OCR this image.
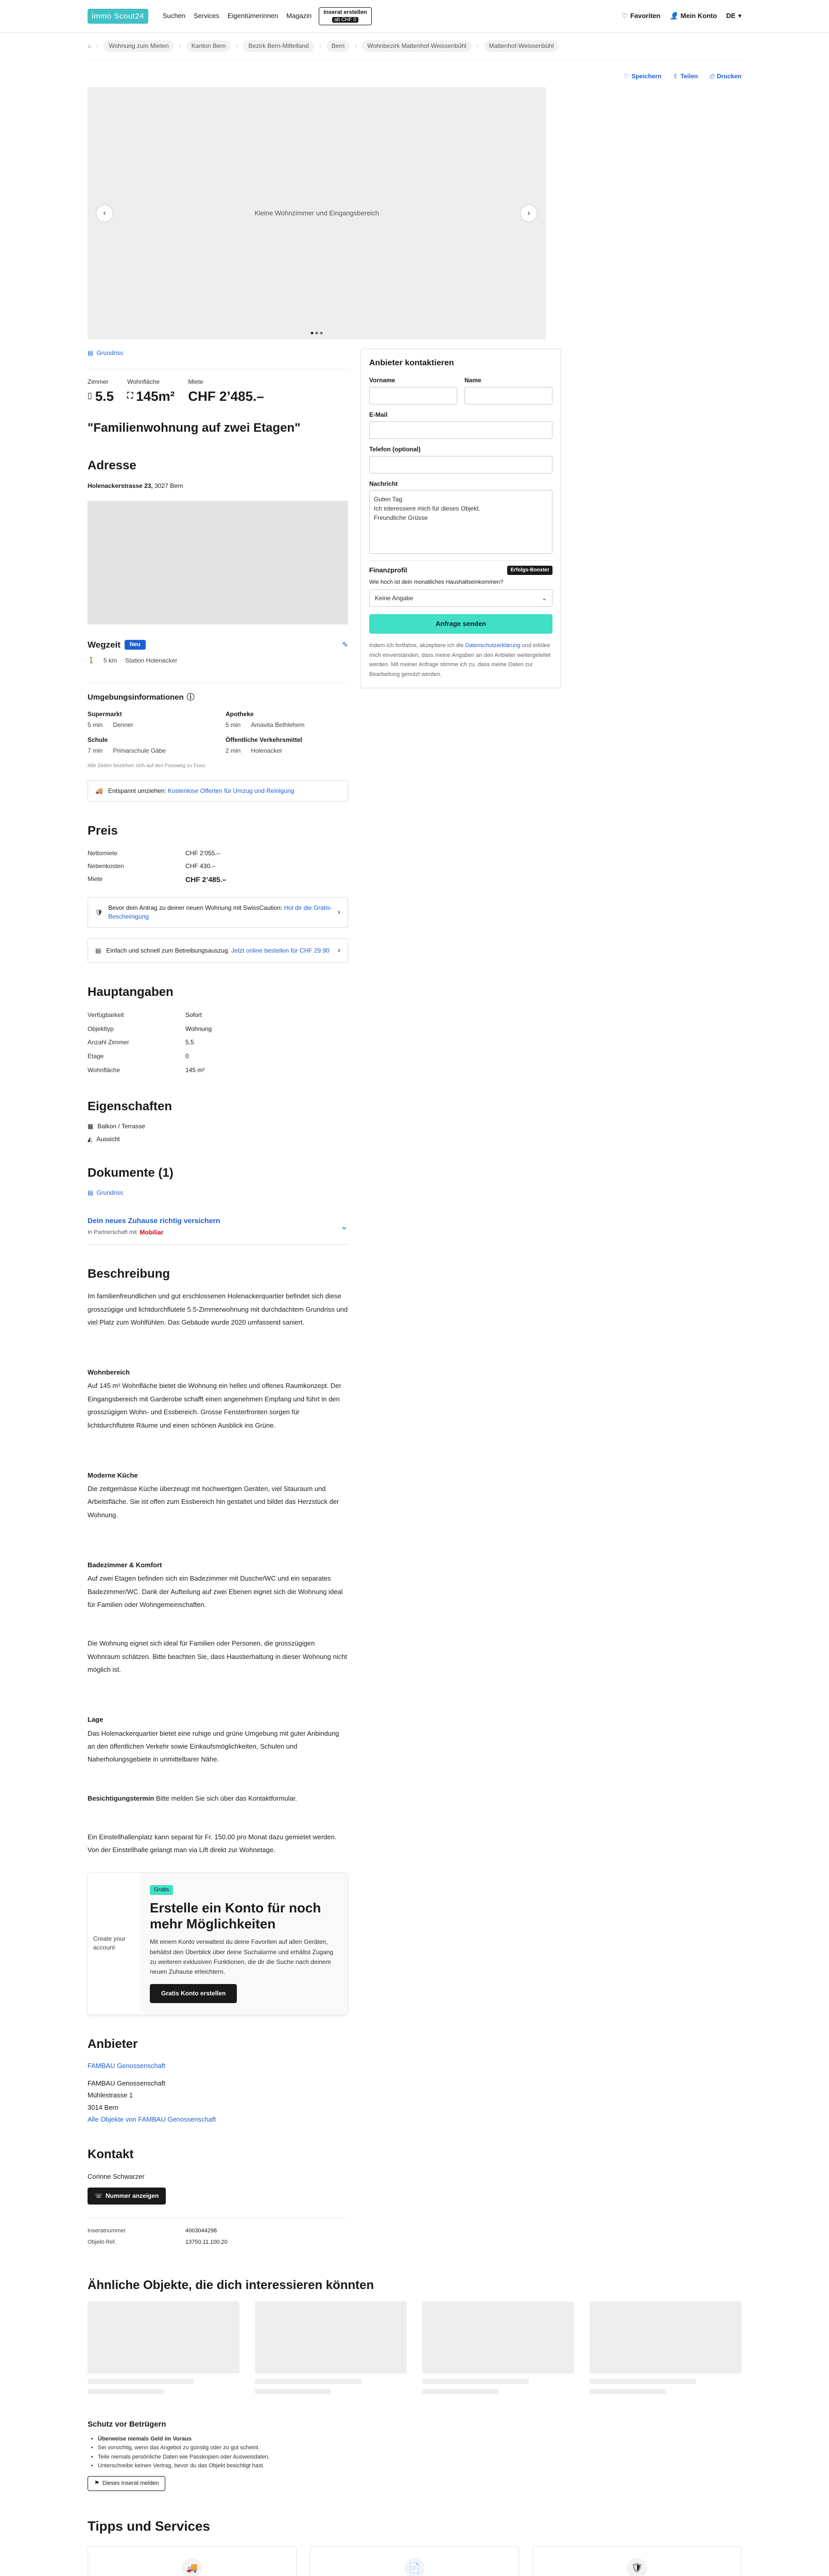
immo Scout24	Suchen Services Eigentümerinnen Magazin Inserat erstellen
ab CHF 0	♡ Favoriten 👤 Mein Konto DE ▾
⌂ ›	Wohnung zum Mieten	›	Kanton Bern	›	Bezirk Bern-Mittelland	›	Bern	›	Wohnbezirk Mattenhof-Weissenbühl	›	Mattenhof-Weissenbühl
♡ Speichern ⇪ Teilen ⎙ Drucken
Kleine Wohnzimmer und Eingangsbereich
‹	›
▤ Grundriss
Zimmer
▯ 5.5
Wohnfläche
⛶ 145m²
Miete
CHF 2’485.–
"Familienwohnung auf zwei Etagen"
Adresse
Holenackerstrasse 23, 3027 Bern
Wegzeit	Neu	✎
🚶 5 km Station Holenacker
Umgebungsinformationen ⓘ
Supermarkt
5 min Denner
Apotheke
5 min Amavita Bethlehem
Schule
7 min Primarschule Gäbe
Öffentliche Verkehrsmittel
2 min Holenacker
Alle Zeiten beziehen sich auf den Fussweg zu Fuss.
🚚 Entspannt umziehen: Kostenlose Offerten für Umzug und Reinigung
Preis
Nettomiete	CHF 2’055.–
Nebenkosten	CHF 430.–
Miete	CHF 2’485.–
🛡
Bevor dein Antrag zu deiner neuen Wohnung mit SwissCaution: Hol dir die Gratis-Bescheinigung
›
▤ Einfach und schnell zum Betreibungsauszug. Jetzt online bestellen für CHF 29.90 ›
Hauptangaben
Verfügbarkeit	Sofort
Objekttyp	Wohnung
Anzahl Zimmer	5.5
Etage	0
Wohnfläche	145 m²
Eigenschaften
▦ Balkon / Terrasse
◭ Aussicht
Dokumente (1)
▤ Grundriss
Dein neues Zuhause richtig versichern
In Partnerschaft mit Mobiliar
⌄
Beschreibung

Im familienfreundlichen und gut erschlossenen Holenackerquartier befindet sich diese grosszügige und lichtdurchflutete 5.5-Zimmerwohnung mit durchdachtem Grundriss und viel Platz zum Wohlfühlen. Das Gebäude wurde 2020 umfassend saniert.

Wohnbereich

Auf 145 m² Wohnfläche bietet die Wohnung ein helles und offenes Raumkonzept. Der Eingangsbereich mit Garderobe schafft einen angenehmen Empfang und führt in den grosszügigen Wohn- und Essbereich. Grosse Fensterfronten sorgen für lichtdurchflutete Räume und einen schönen Ausblick ins Grüne.

Moderne Küche

Die zeitgemässe Küche überzeugt mit hochwertigen Geräten, viel Stauraum und Arbeitsfläche. Sie ist offen zum Essbereich hin gestaltet und bildet das Herzstück der Wohnung.

Badezimmer & Komfort

Auf zwei Etagen befinden sich ein Badezimmer mit Dusche/WC und ein separates Badezimmer/WC. Dank der Aufteilung auf zwei Ebenen eignet sich die Wohnung ideal für Familien oder Wohngemeinschaften.

Die Wohnung eignet sich ideal für Familien oder Personen, die grosszügigen Wohnraum schätzen. Bitte beachten Sie, dass Haustierhaltung in dieser Wohnung nicht möglich ist.

Lage

Das Holenackerquartier bietet eine ruhige und grüne Umgebung mit guter Anbindung an den öffentlichen Verkehr sowie Einkaufsmöglichkeiten, Schulen und Naherholungsgebiete in unmittelbarer Nähe.

Besichtigungstermin Bitte melden Sie sich über das Kontaktformular.

Ein Einstellhallenplatz kann separat für Fr. 150.00 pro Monat dazu gemietet werden. Von der Einstellhalle gelangt man via Lift direkt zur Wohnetage.

Create your account
Gratis
Erstelle ein Konto für noch mehr Möglichkeiten

Mit einem Konto verwaltest du deine Favoriten auf allen Geräten, behältst den Überblick über deine Suchalarme und erhältst Zugang zu weiteren exklusiven Funktionen, die dir die Suche nach deinem neuen Zuhause erleichtern.

Gratis Konto erstellen
Anbieter
FAMBAU Genossenschaft
FAMBAU Genossenschaft
Mühlestrasse 1
3014 Bern
Alle Objekte von FAMBAU Genossenschaft
Kontakt
Corinne Schwarzer
☏ Nummer anzeigen
Inseratnummer	4003044298
Objekt-Ref.	13750.11.100.20
Anbieter kontaktieren
Vorname	Name
E-Mail
Telefon (optional)
Nachricht
Guten Tag
Ich interessiere mich für dieses Objekt.
Freundliche Grüsse
Finanzprofil	Erfolgs-Booster
Wie hoch ist dein monatliches Haushaltseinkommen?
Keine Angabe	⌄
Anfrage senden
Indem ich fortfahre, akzeptiere ich die Datenschutzerklärung und erkläre mich einverstanden, dass meine Angaben an den Anbieter weitergeleitet werden. Mit meiner Anfrage stimme ich zu, dass meine Daten zur Bearbeitung genutzt werden.
Ähnliche Objekte, die dich interessieren könnten
Schutz vor Betrügern
• Überweise niemals Geld im Voraus
• Sei vorsichtig, wenn das Angebot zu günstig oder zu gut scheint.
• Teile niemals persönliche Daten wie Passkopien oder Ausweisdaten.
• Unterschreibe keinen Vertrag, bevor du das Objekt besichtigt hast.
⚑ Dieses Inserat melden
Tipps und Services
🚚	📄	🛡
